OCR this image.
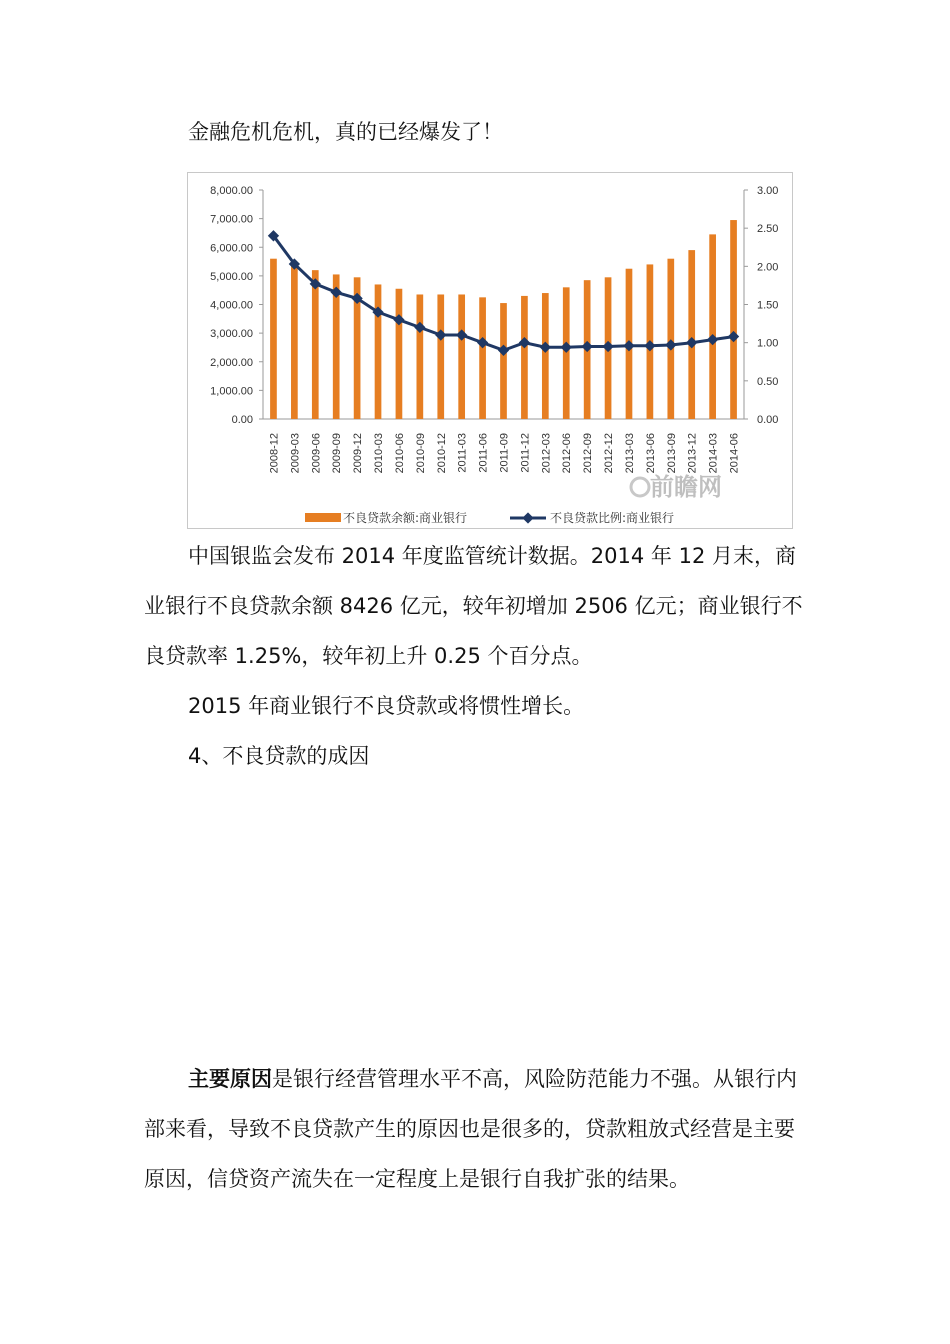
金融危机危机，真的已经爆发了！

0.00
1,000.00
2,000.00
3,000.00
4,000.00
5,000.00
6,000.00
7,000.00
8,000.00
0.00
0.50
1.00
1.50
2.00
2.50
3.00
2008-12 2009-03 2009-06 2009-09 2009-12 2010-03 2010-06 2010-09 2010-12 2011-03 2011-06 2011-09 2011-12 2012-03 2012-06 2012-09 2012-12 2013-03 2013-06 2013-09 2013-12 2014-03 2014-06
前瞻网
不良贷款余额:商业银行	不良贷款比例:商业银行

中国银监会发布 2014 年度监管统计数据。2014 年 12 月末，商业银行不良贷款余额 8426 亿元，较年初增加 2506 亿元；商业银行不良贷款率 1.25%，较年初上升 0.25 个百分点。

2015 年商业银行不良贷款或将惯性增长。

4、不良贷款的成因

主要原因是银行经营管理水平不高，风险防范能力不强。从银行内部来看，导致不良贷款产生的原因也是很多的，贷款粗放式经营是主要原因，信贷资产流失在一定程度上是银行自我扩张的结果。
